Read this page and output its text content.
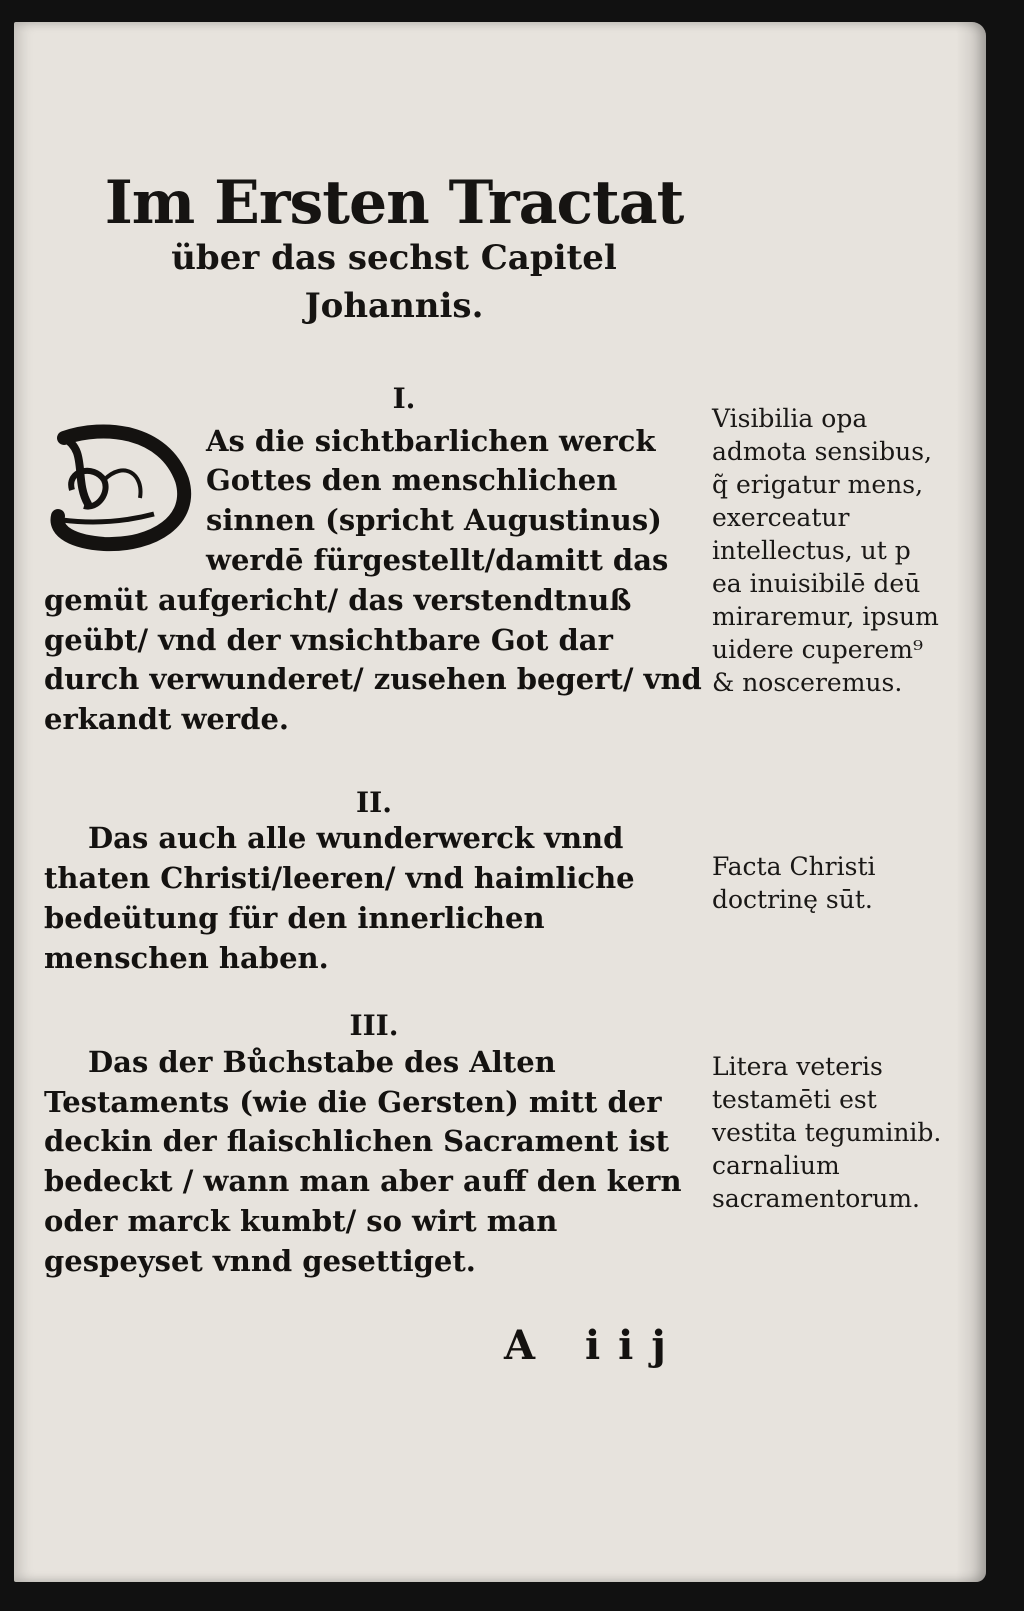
Im Ersten Tractat

über das sechst Capitel

Johannis.

I.

As die sichtbarlichen werck Gottes den menschlichen sinnen (spricht Augustinus) werdē fürgestellt/damitt das gemüt aufgericht/ das verstendtnuß geübt/ vnd der vnsichtbare Got dar durch verwunderet/ zusehen begert/ vnd erkandt werde.

II.

Das auch alle wunderwerck vnnd thaten Christi/leeren/ vnd haimliche bedeütung für den innerlichen menschen haben.

III.

Das der Bůchstabe des Alten Testaments (wie die Gersten) mitt der deckin der flaischlichen Sacrament ist bedeckt / wann man aber auff den kern oder marck kumbt/ so wirt man gespeyset vnnd gesettiget.

Visibilia opa admota sensibus, q̃ erigatur mens, exerceatur intellectus, ut p ea inuisibilē deū miraremur, ipsum uidere cuperem⁹ & nosceremus.

Facta Christi doctrinę sūt.

Litera veteris testamēti est vestita teguminib. carnalium sacramentorum.

A iij
